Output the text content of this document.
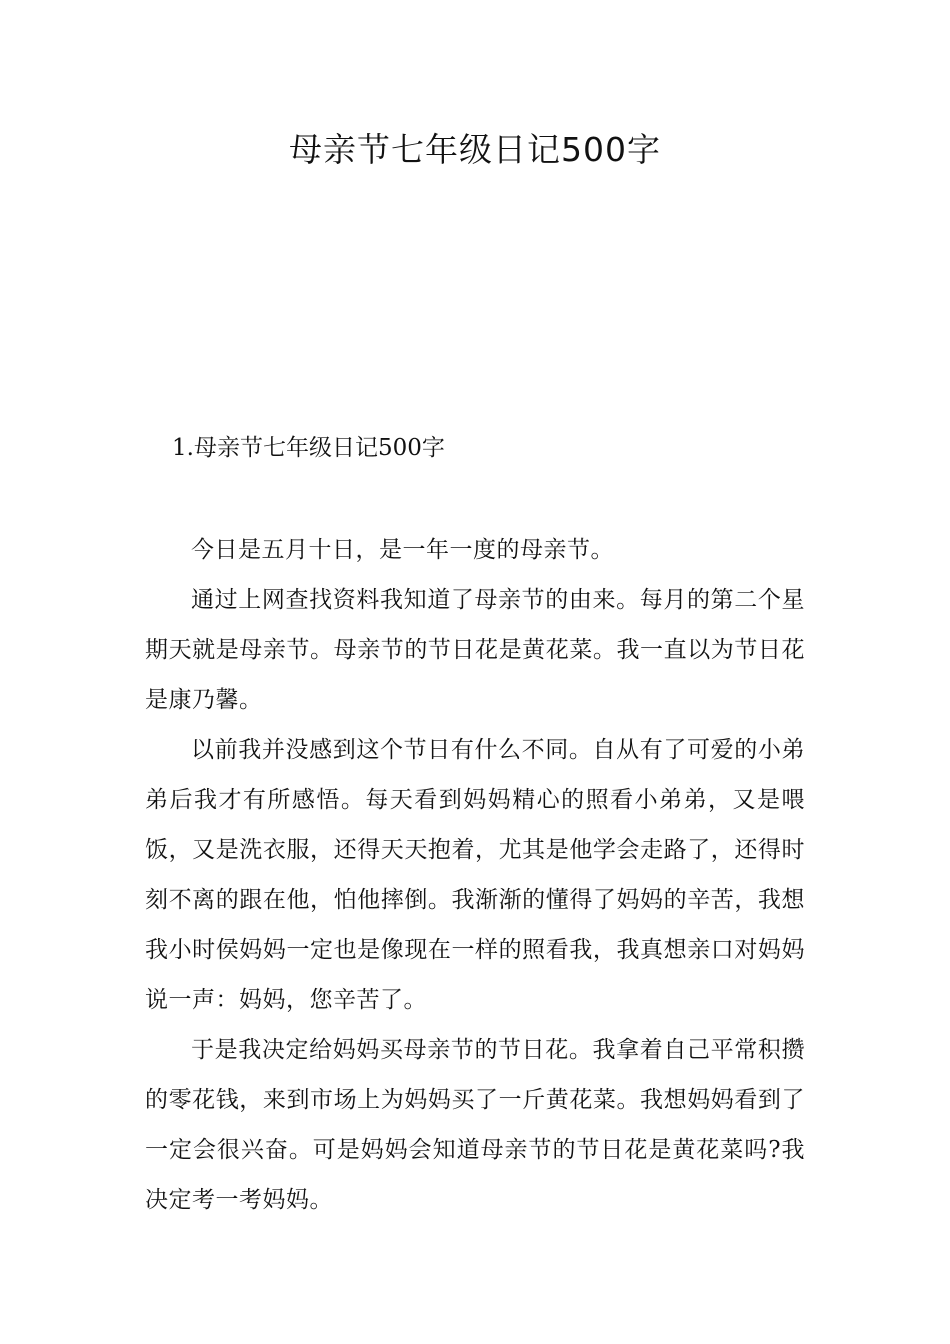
母亲节七年级日记500字
1.母亲节七年级日记500字

今日是五月十日，是一年一度的母亲节。

通过上网查找资料我知道了母亲节的由来。每月的第二个星期天就是母亲节。母亲节的节日花是黄花菜。我一直以为节日花是康乃馨。

以前我并没感到这个节日有什么不同。自从有了可爱的小弟弟后我才有所感悟。每天看到妈妈精心的照看小弟弟，又是喂饭，又是洗衣服，还得天天抱着，尤其是他学会走路了，还得时刻不离的跟在他，怕他摔倒。我渐渐的懂得了妈妈的辛苦，我想我小时侯妈妈一定也是像现在一样的照看我，我真想亲口对妈妈说一声：妈妈，您辛苦了。

于是我决定给妈妈买母亲节的节日花。我拿着自己平常积攒的零花钱，来到市场上为妈妈买了一斤黄花菜。我想妈妈看到了一定会很兴奋。可是妈妈会知道母亲节的节日花是黄花菜吗?我决定考一考妈妈。
